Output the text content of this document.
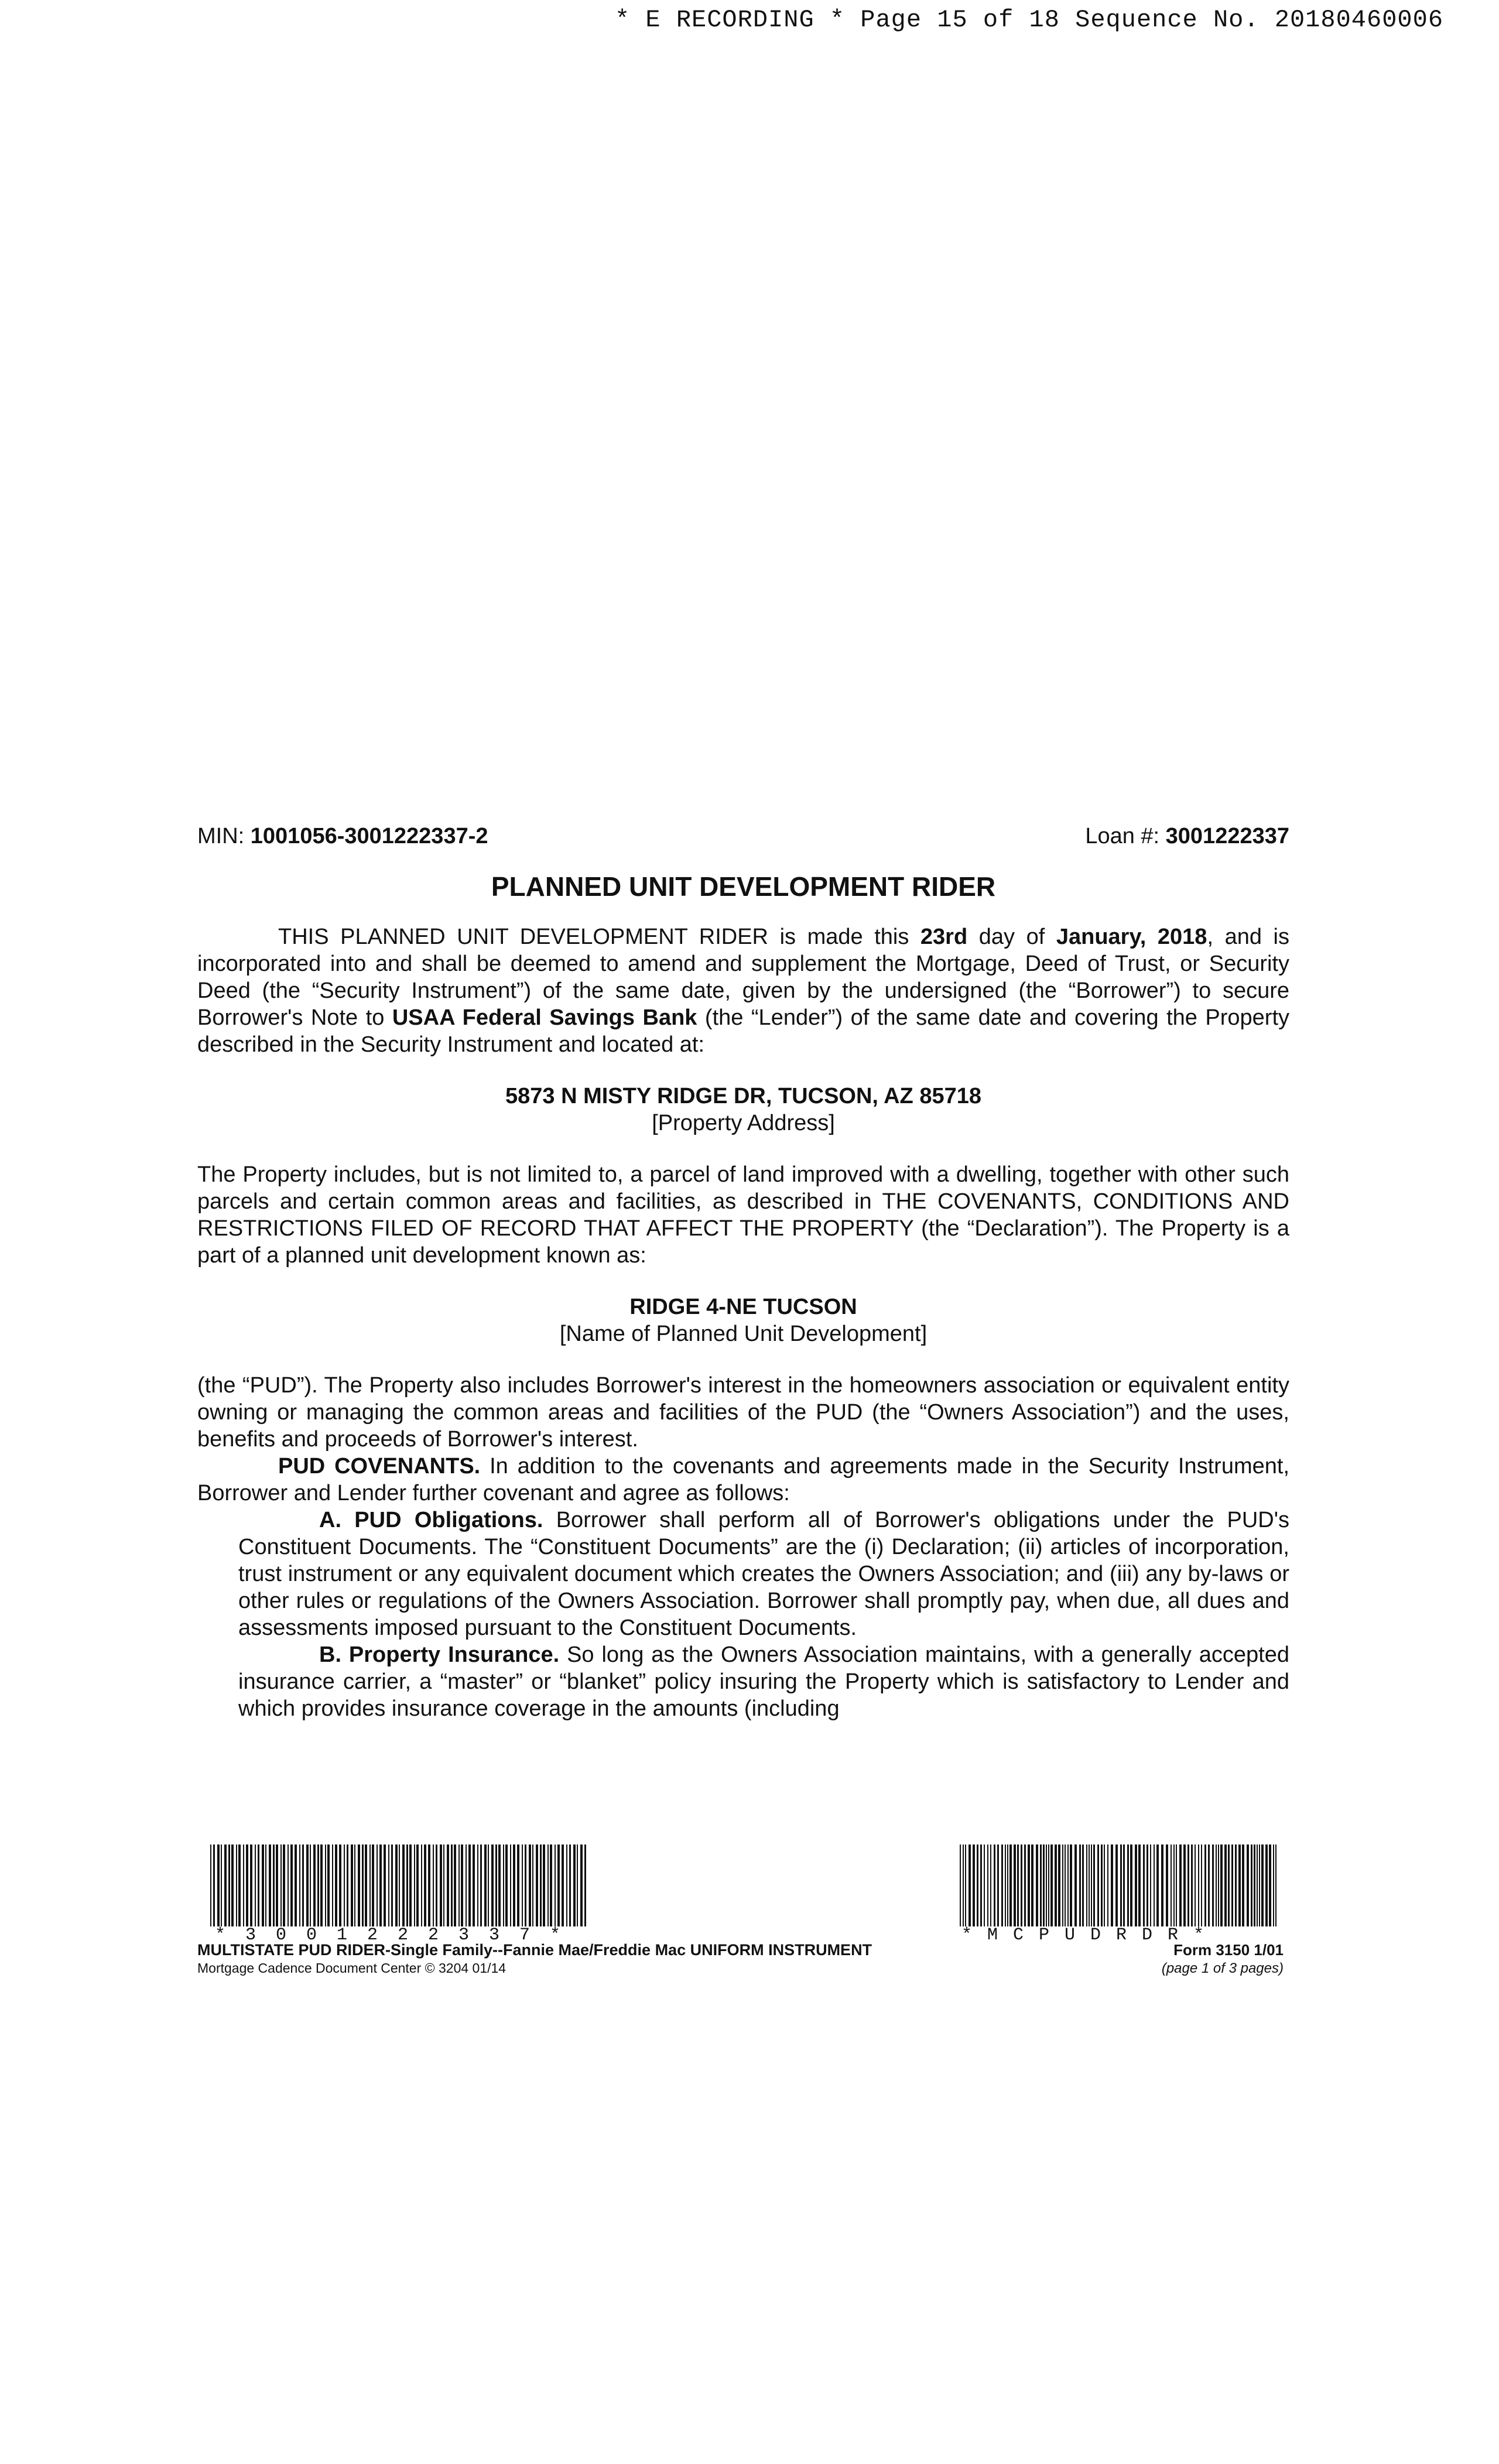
* E RECORDING * Page 15 of 18 Sequence No. 20180460006
MIN: 1001056-3001222337-2	Loan #: 3001222337
PLANNED UNIT DEVELOPMENT RIDER

THIS PLANNED UNIT DEVELOPMENT RIDER is made this 23rd day of January, 2018, and is incorporated into and shall be deemed to amend and supplement the Mortgage, Deed of Trust, or Security Deed (the “Security Instrument”) of the same date, given by the undersigned (the “Borrower”) to secure Borrower's Note to USAA Federal Savings Bank (the “Lender”) of the same date and covering the Property described in the Security Instrument and located at:

5873 N MISTY RIDGE DR, TUCSON, AZ 85718
[Property Address]

The Property includes, but is not limited to, a parcel of land improved with a dwelling, together with other such parcels and certain common areas and facilities, as described in THE COVENANTS, CONDITIONS AND RESTRICTIONS FILED OF RECORD THAT AFFECT THE PROPERTY (the “Declaration”). The Property is a part of a planned unit development known as:

RIDGE 4-NE TUCSON
[Name of Planned Unit Development]

(the “PUD”). The Property also includes Borrower's interest in the homeowners association or equivalent entity owning or managing the common areas and facilities of the PUD (the “Owners Association”) and the uses, benefits and proceeds of Borrower's interest.

PUD COVENANTS. In addition to the covenants and agreements made in the Security Instrument, Borrower and Lender further covenant and agree as follows:

A. PUD Obligations. Borrower shall perform all of Borrower's obligations under the PUD's Constituent Documents. The “Constituent Documents” are the (i) Declaration; (ii) articles of incorporation, trust instrument or any equivalent document which creates the Owners Association; and (iii) any by-laws or other rules or regulations of the Owners Association. Borrower shall promptly pay, when due, all dues and assessments imposed pursuant to the Constituent Documents.

B. Property Insurance. So long as the Owners Association maintains, with a generally accepted insurance carrier, a “master” or “blanket” policy insuring the Property which is satisfactory to Lender and which provides insurance coverage in the amounts (including

*3001222337*	*MCPUDRDR*
MULTISTATE PUD RIDER-Single Family--Fannie Mae/Freddie Mac UNIFORM INSTRUMENT
Mortgage Cadence Document Center © 3204 01/14
Form 3150 1/01
(page 1 of 3 pages)
